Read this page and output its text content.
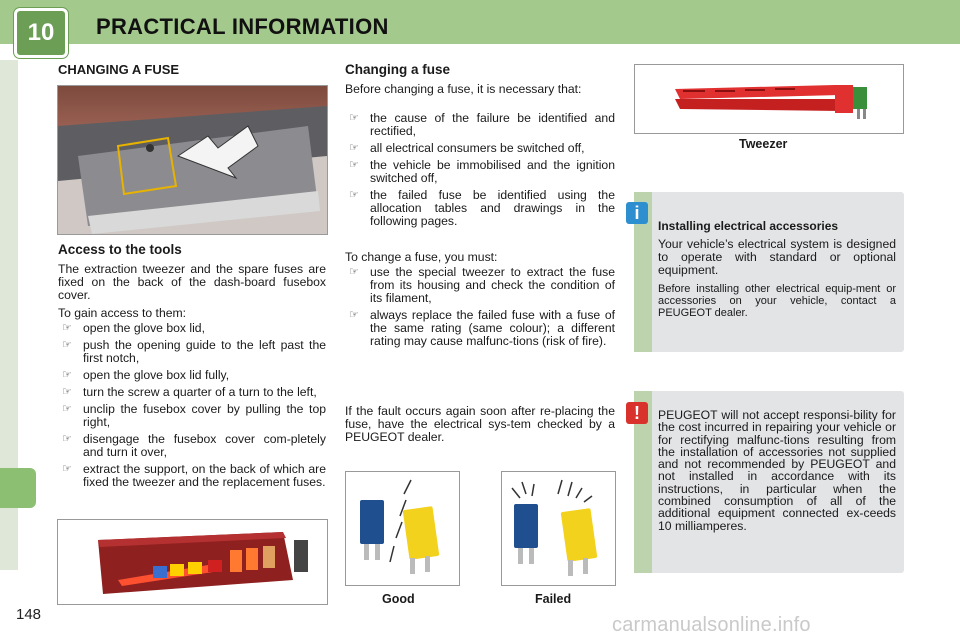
10	PRACTICAL INFORMATION
CHANGING A FUSE
Access to the tools
The extraction tweezer and the spare fuses are fixed on the back of the dash-board fusebox cover.
To gain access to them:
☞ open the glove box lid,
☞ push the opening guide to the left past the first notch,
☞ open the glove box lid fully,
☞ turn the screw a quarter of a turn to the left,
☞ unclip the fusebox cover by pulling the top right,
☞ disengage the fusebox cover com-pletely and turn it over,
☞ extract the support, on the back of which are fixed the tweezer and the replacement fuses.
Changing a fuse
Before changing a fuse, it is necessary that:
☞ the cause of the failure be identified and rectified,
☞ all electrical consumers be switched off,
☞ the vehicle be immobilised and the ignition switched off,
☞ the failed fuse be identified using the allocation tables and drawings in the following pages.
To change a fuse, you must:
☞ use the special tweezer to extract the fuse from its housing and check the condition of its filament,
☞ always replace the failed fuse with a fuse of the same rating (same colour); a different rating may cause malfunc-tions (risk of fire).
If the fault occurs again soon after re-placing the fuse, have the electrical sys-tem checked by a PEUGEOT dealer.
Good	Failed
Tweezer
i
Installing electrical accessories
Your vehicle’s electrical system is designed to operate with standard or optional equipment.
Before installing other electrical equip-ment or accessories on your vehicle, contact a PEUGEOT dealer.
!	PEUGEOT will not accept responsi-bility for the cost incurred in repairing your vehicle or for rectifying malfunc-tions resulting from the installation of accessories not supplied and not recommended by PEUGEOT and not installed in accordance with its instructions, in particular when the combined consumption of all of the additional equipment connected ex-ceeds 10 milliamperes.
148	carmanualsonline.info
